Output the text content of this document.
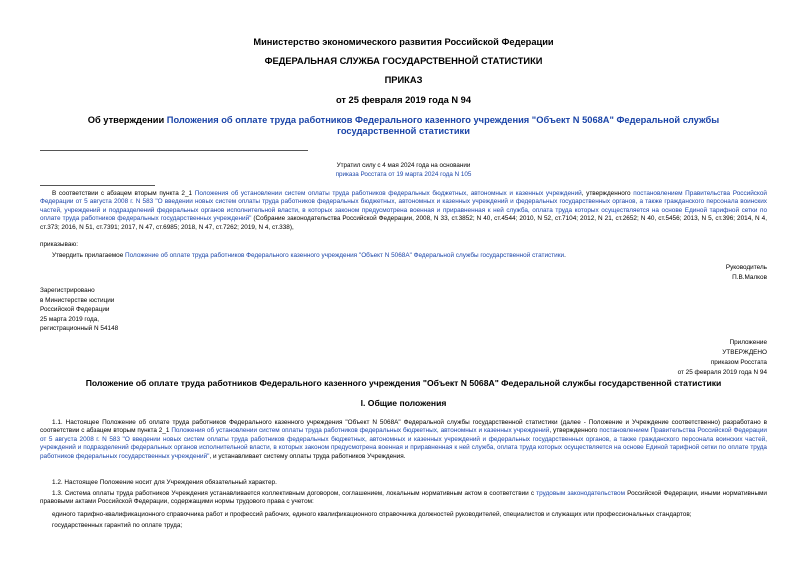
Министерство экономического развития Российской Федерации
ФЕДЕРАЛЬНАЯ СЛУЖБА ГОСУДАРСТВЕННОЙ СТАТИСТИКИ
ПРИКАЗ
от 25 февраля 2019 года N 94
Об утверждении Положения об оплате труда работников Федерального казенного учреждения "Объект N 5068А" Федеральной службы государственной статистики
Утратил силу с 4 мая 2024 года на основании
приказа Росстата от 19 марта 2024 года N 105
В соответствии с абзацем вторым пункта 2_1 Положения об установлении систем оплаты труда работников федеральных бюджетных, автономных и казенных учреждений, утвержденного постановлением Правительства Российской Федерации от 5 августа 2008 г. N 583 "О введении новых систем оплаты труда работников федеральных бюджетных, автономных и казенных учреждений и федеральных государственных органов, а также гражданского персонала воинских частей, учреждений и подразделений федеральных органов исполнительной власти, в которых законом предусмотрена военная и приравненная к ней служба, оплата труда которых осуществляется на основе Единой тарифной сетки по оплате труда работников федеральных государственных учреждений" (Собрание законодательства Российской Федерации, 2008, N 33, ст.3852; N 40, ст.4544; 2010, N 52, ст.7104; 2012, N 21, ст.2652; N 40, ст.5456; 2013, N 5, ст.396; 2014, N 4, ст.373; 2016, N 51, ст.7391; 2017, N 47, ст.6985; 2018, N 47, ст.7262; 2019, N 4, ст.338),
приказываю:
Утвердить прилагаемое Положение об оплате труда работников Федерального казенного учреждения "Объект N 5068А" Федеральной службы государственной статистики.
Руководитель
П.В.Малков
Зарегистрировано
в Министерстве юстиции
Российской Федерации
25 марта 2019 года,
регистрационный N 54148
Приложение
УТВЕРЖДЕНО
приказом Росстата
от 25 февраля 2019 года N 94
Положение об оплате труда работников Федерального казенного учреждения "Объект N 5068А" Федеральной службы государственной статистики
I. Общие положения
1.1. Настоящее Положение об оплате труда работников Федерального казенного учреждения "Объект N 5068А" Федеральной службы государственной статистики (далее - Положение и Учреждение соответственно) разработано в соответствии с абзацем вторым пункта 2_1 Положения об установлении систем оплаты труда работников федеральных бюджетных, автономных и казенных учреждений, утвержденного постановлением Правительства Российской Федерации от 5 августа 2008 г. N 583 "О введении новых систем оплаты труда работников федеральных бюджетных, автономных и казенных учреждений и федеральных государственных органов, а также гражданского персонала воинских частей, учреждений и подразделений федеральных органов исполнительной власти, в которых законом предусмотрена военная и приравненная к ней служба, оплата труда которых осуществляется на основе Единой тарифной сетки по оплате труда работников федеральных государственных учреждений", и устанавливает систему оплаты труда работников Учреждения.
1.2. Настоящее Положение носит для Учреждения обязательный характер.
1.3. Система оплаты труда работников Учреждения устанавливается коллективным договором, соглашением, локальным нормативным актом в соответствии с трудовым законодательством Российской Федерации, иными нормативными правовыми актами Российской Федерации, содержащими нормы трудового права с учетом:
единого тарифно-квалификационного справочника работ и профессий рабочих, единого квалификационного справочника должностей руководителей, специалистов и служащих или профессиональных стандартов;
государственных гарантий по оплате труда;
